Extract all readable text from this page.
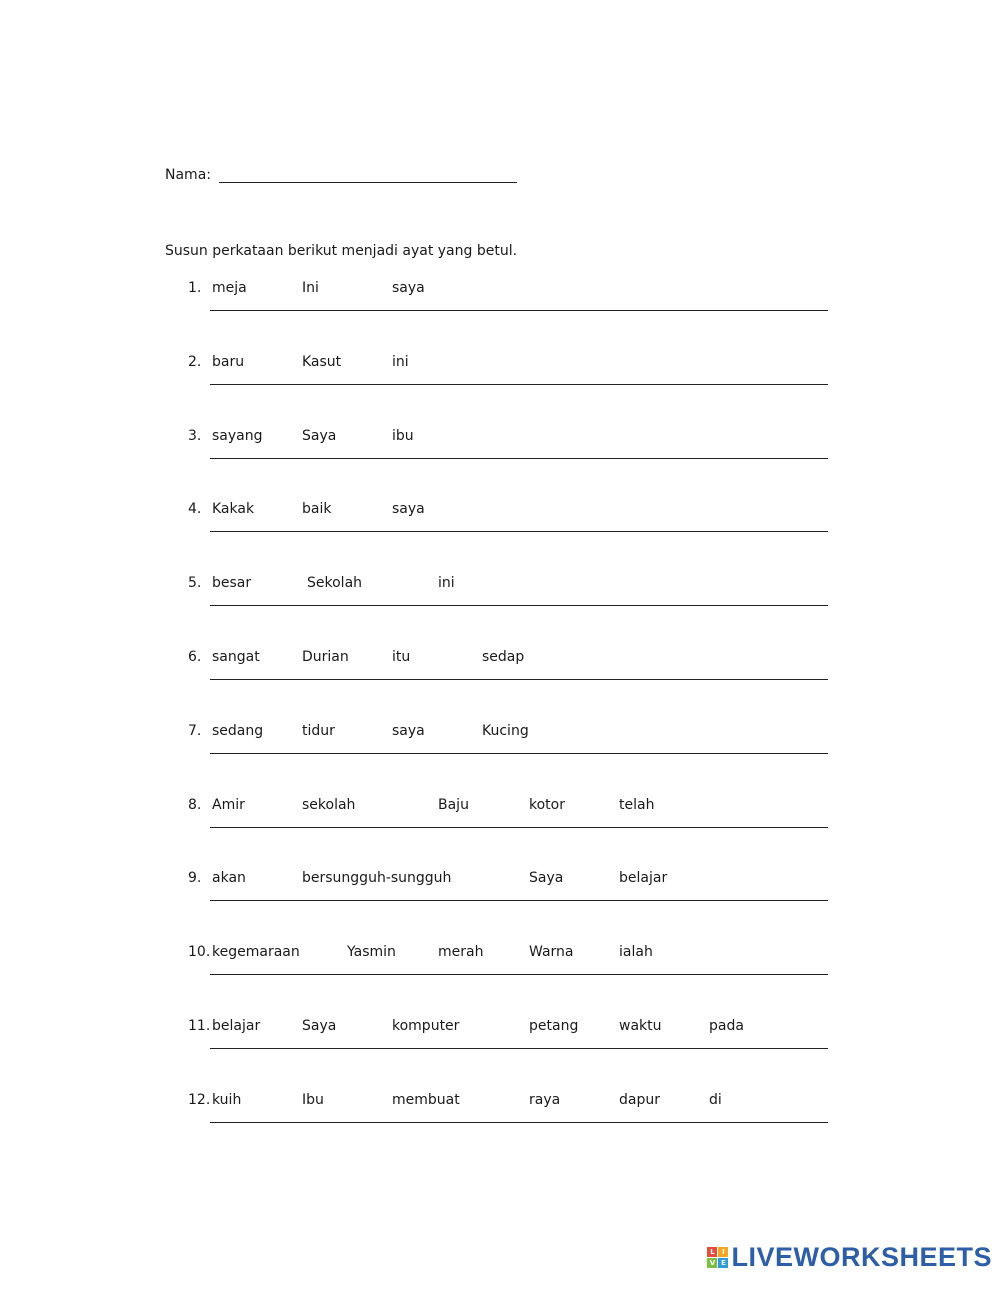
Nama:
Susun perkataan berikut menjadi ayat yang betul.
1. meja	Ini	saya
2. baru	Kasut	ini
3. sayang	Saya	ibu
4. Kakak	baik	saya
5. besar	Sekolah	ini
6. sangat	Durian	itu	sedap
7. sedang	tidur	saya	Kucing
8. Amir	sekolah	Baju	kotor	telah
9. akan	bersungguh-sungguh	Saya	belajar
10. kegemaraan	Yasmin	merah	Warna	ialah
11. belajar	Saya	komputer	petang	waktu	pada
12. kuih	Ibu	membuat	raya	dapur	di
L	I
V E LIVEWORKSHEETS
